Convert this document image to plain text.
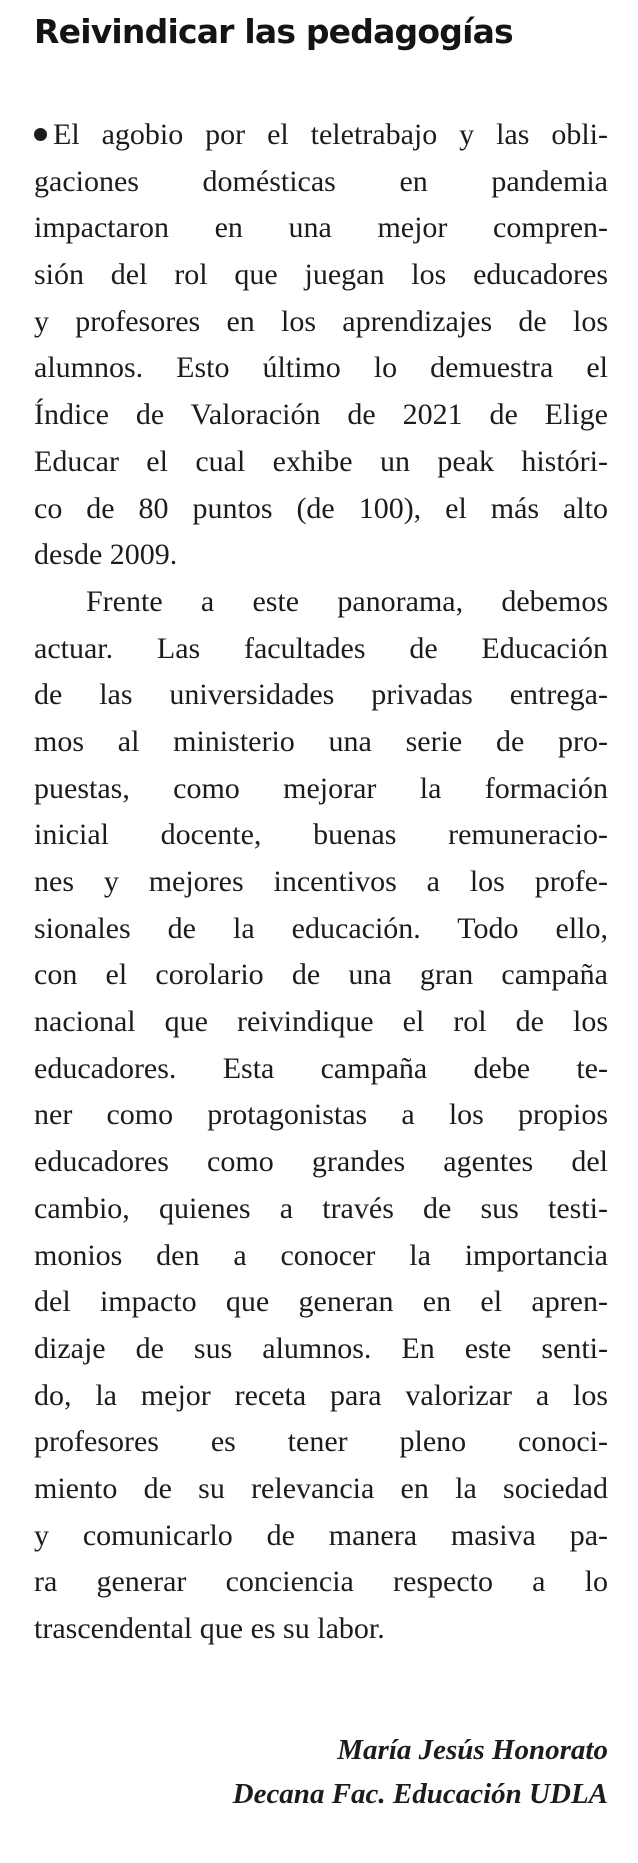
Reivindicar las pedagogías
El agobio por el teletrabajo y las obli-
gaciones domésticas en pandemia
impactaron en una mejor compren-
sión del rol que juegan los educadores
y profesores en los aprendizajes de los
alumnos. Esto último lo demuestra el
Índice de Valoración de 2021 de Elige
Educar el cual exhibe un peak históri-
co de 80 puntos (de 100), el más alto
desde 2009.
Frente a este panorama, debemos
actuar. Las facultades de Educación
de las universidades privadas entrega-
mos al ministerio una serie de pro-
puestas, como mejorar la formación
inicial docente, buenas remuneracio-
nes y mejores incentivos a los profe-
sionales de la educación. Todo ello,
con el corolario de una gran campaña
nacional que reivindique el rol de los
educadores. Esta campaña debe te-
ner como protagonistas a los propios
educadores como grandes agentes del
cambio, quienes a través de sus testi-
monios den a conocer la importancia
del impacto que generan en el apren-
dizaje de sus alumnos. En este senti-
do, la mejor receta para valorizar a los
profesores es tener pleno conoci-
miento de su relevancia en la sociedad
y comunicarlo de manera masiva pa-
ra generar conciencia respecto a lo
trascendental que es su labor.
María Jesús Honorato
Decana Fac. Educación UDLA
